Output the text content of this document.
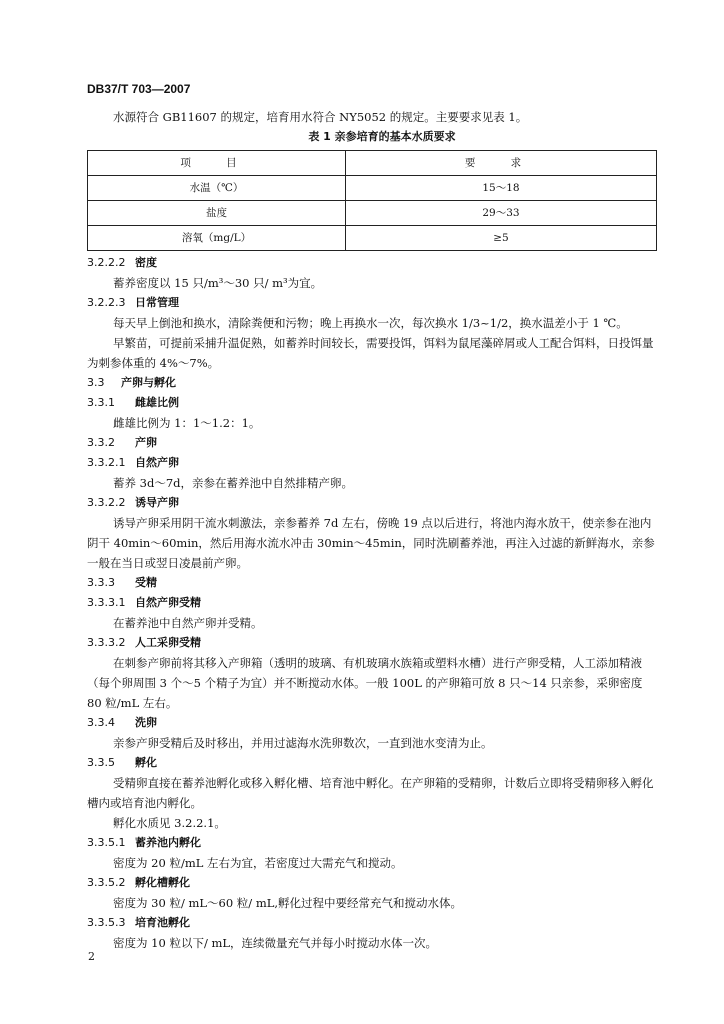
DB37/T 703—2007

水源符合 GB11607 的规定，培育用水符合 NY5052 的规定。主要要求见表 1。

表 1 亲参培育的基本水质要求

项 目	要 求
水温（℃）	15～18
盐度	29～33
溶氧（mg/L）	≥5

3.2.2.2 密度

蓄养密度以 15 只/m³～30 只/ m³为宜。

3.2.2.3 日常管理

每天早上倒池和换水，清除粪便和污物；晚上再换水一次，每次换水 1/3~1/2，换水温差小于 1 ℃。

早繁苗，可提前采捕升温促熟，如蓄养时间较长，需要投饵，饵料为鼠尾藻碎屑或人工配合饵料，日投饵量为刺参体重的 4%～7%。

3.3 产卵与孵化

3.3.1 雌雄比例

雌雄比例为 1：1～1.2：1。

3.3.2 产卵

3.3.2.1 自然产卵

蓄养 3d～7d，亲参在蓄养池中自然排精产卵。

3.3.2.2 诱导产卵

诱导产卵采用阴干流水刺激法，亲参蓄养 7d 左右，傍晚 19 点以后进行，将池内海水放干，使亲参在池内阴干 40min～60min，然后用海水流水冲击 30min～45min，同时洗刷蓄养池，再注入过滤的新鲜海水，亲参一般在当日或翌日凌晨前产卵。

3.3.3 受精

3.3.3.1 自然产卵受精

在蓄养池中自然产卵并受精。

3.3.3.2 人工采卵受精

在刺参产卵前将其移入产卵箱（透明的玻璃、有机玻璃水族箱或塑料水槽）进行产卵受精，人工添加精液（每个卵周围 3 个～5 个精子为宜）并不断搅动水体。一般 100L 的产卵箱可放 8 只～14 只亲参，采卵密度 80 粒/mL 左右。

3.3.4 洗卵

亲参产卵受精后及时移出，并用过滤海水洗卵数次，一直到池水变清为止。

3.3.5 孵化

受精卵直接在蓄养池孵化或移入孵化槽、培育池中孵化。在产卵箱的受精卵，计数后立即将受精卵移入孵化槽内或培育池内孵化。

孵化水质见 3.2.2.1。

3.3.5.1 蓄养池内孵化

密度为 20 粒/mL 左右为宜，若密度过大需充气和搅动。

3.3.5.2 孵化槽孵化

密度为 30 粒/ mL～60 粒/ mL,孵化过程中要经常充气和搅动水体。

3.3.5.3 培育池孵化

密度为 10 粒以下/ mL，连续微量充气并每小时搅动水体一次。

2
